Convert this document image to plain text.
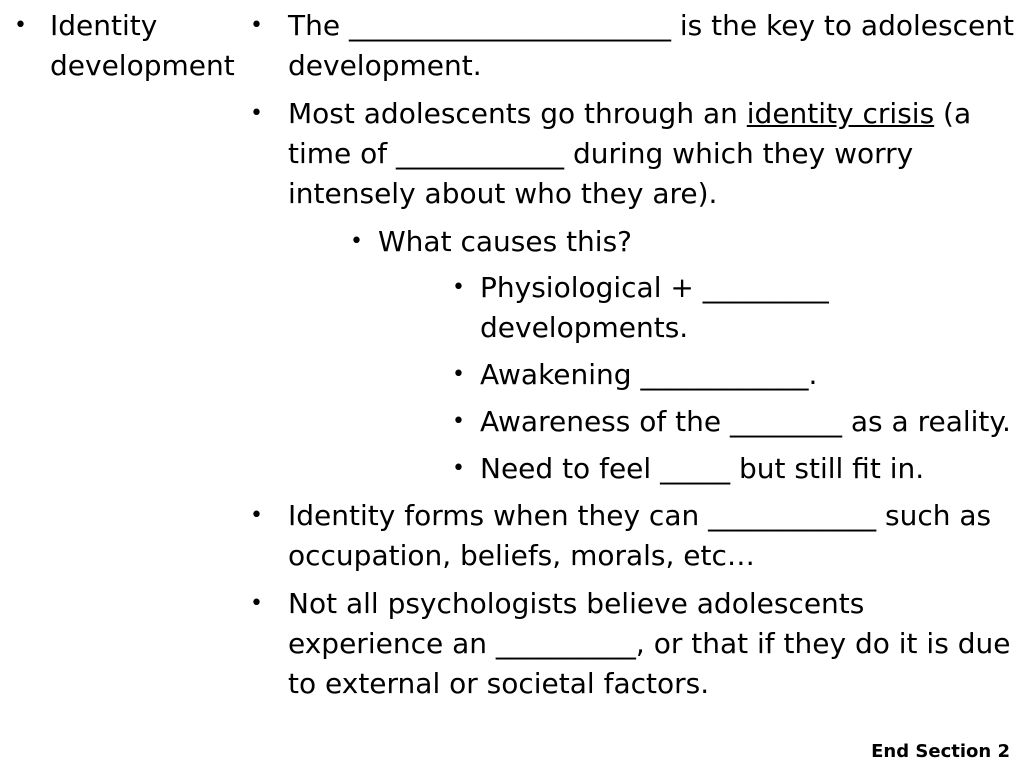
• Identity development
• The _______________________ is the key to adolescent development.
• Most adolescents go through an identity crisis (a time of ____________ during which they worry intensely about who they are).
• What causes this?
• Physiological + _________ developments.
• Awakening ____________.
• Awareness of the ________ as a reality.
• Need to feel _____ but still fit in.
• Identity forms when they can ____________ such as occupation, beliefs, morals, etc…
• Not all psychologists believe adolescents experience an __________, or that if they do it is due to external or societal factors.
End Section 2
